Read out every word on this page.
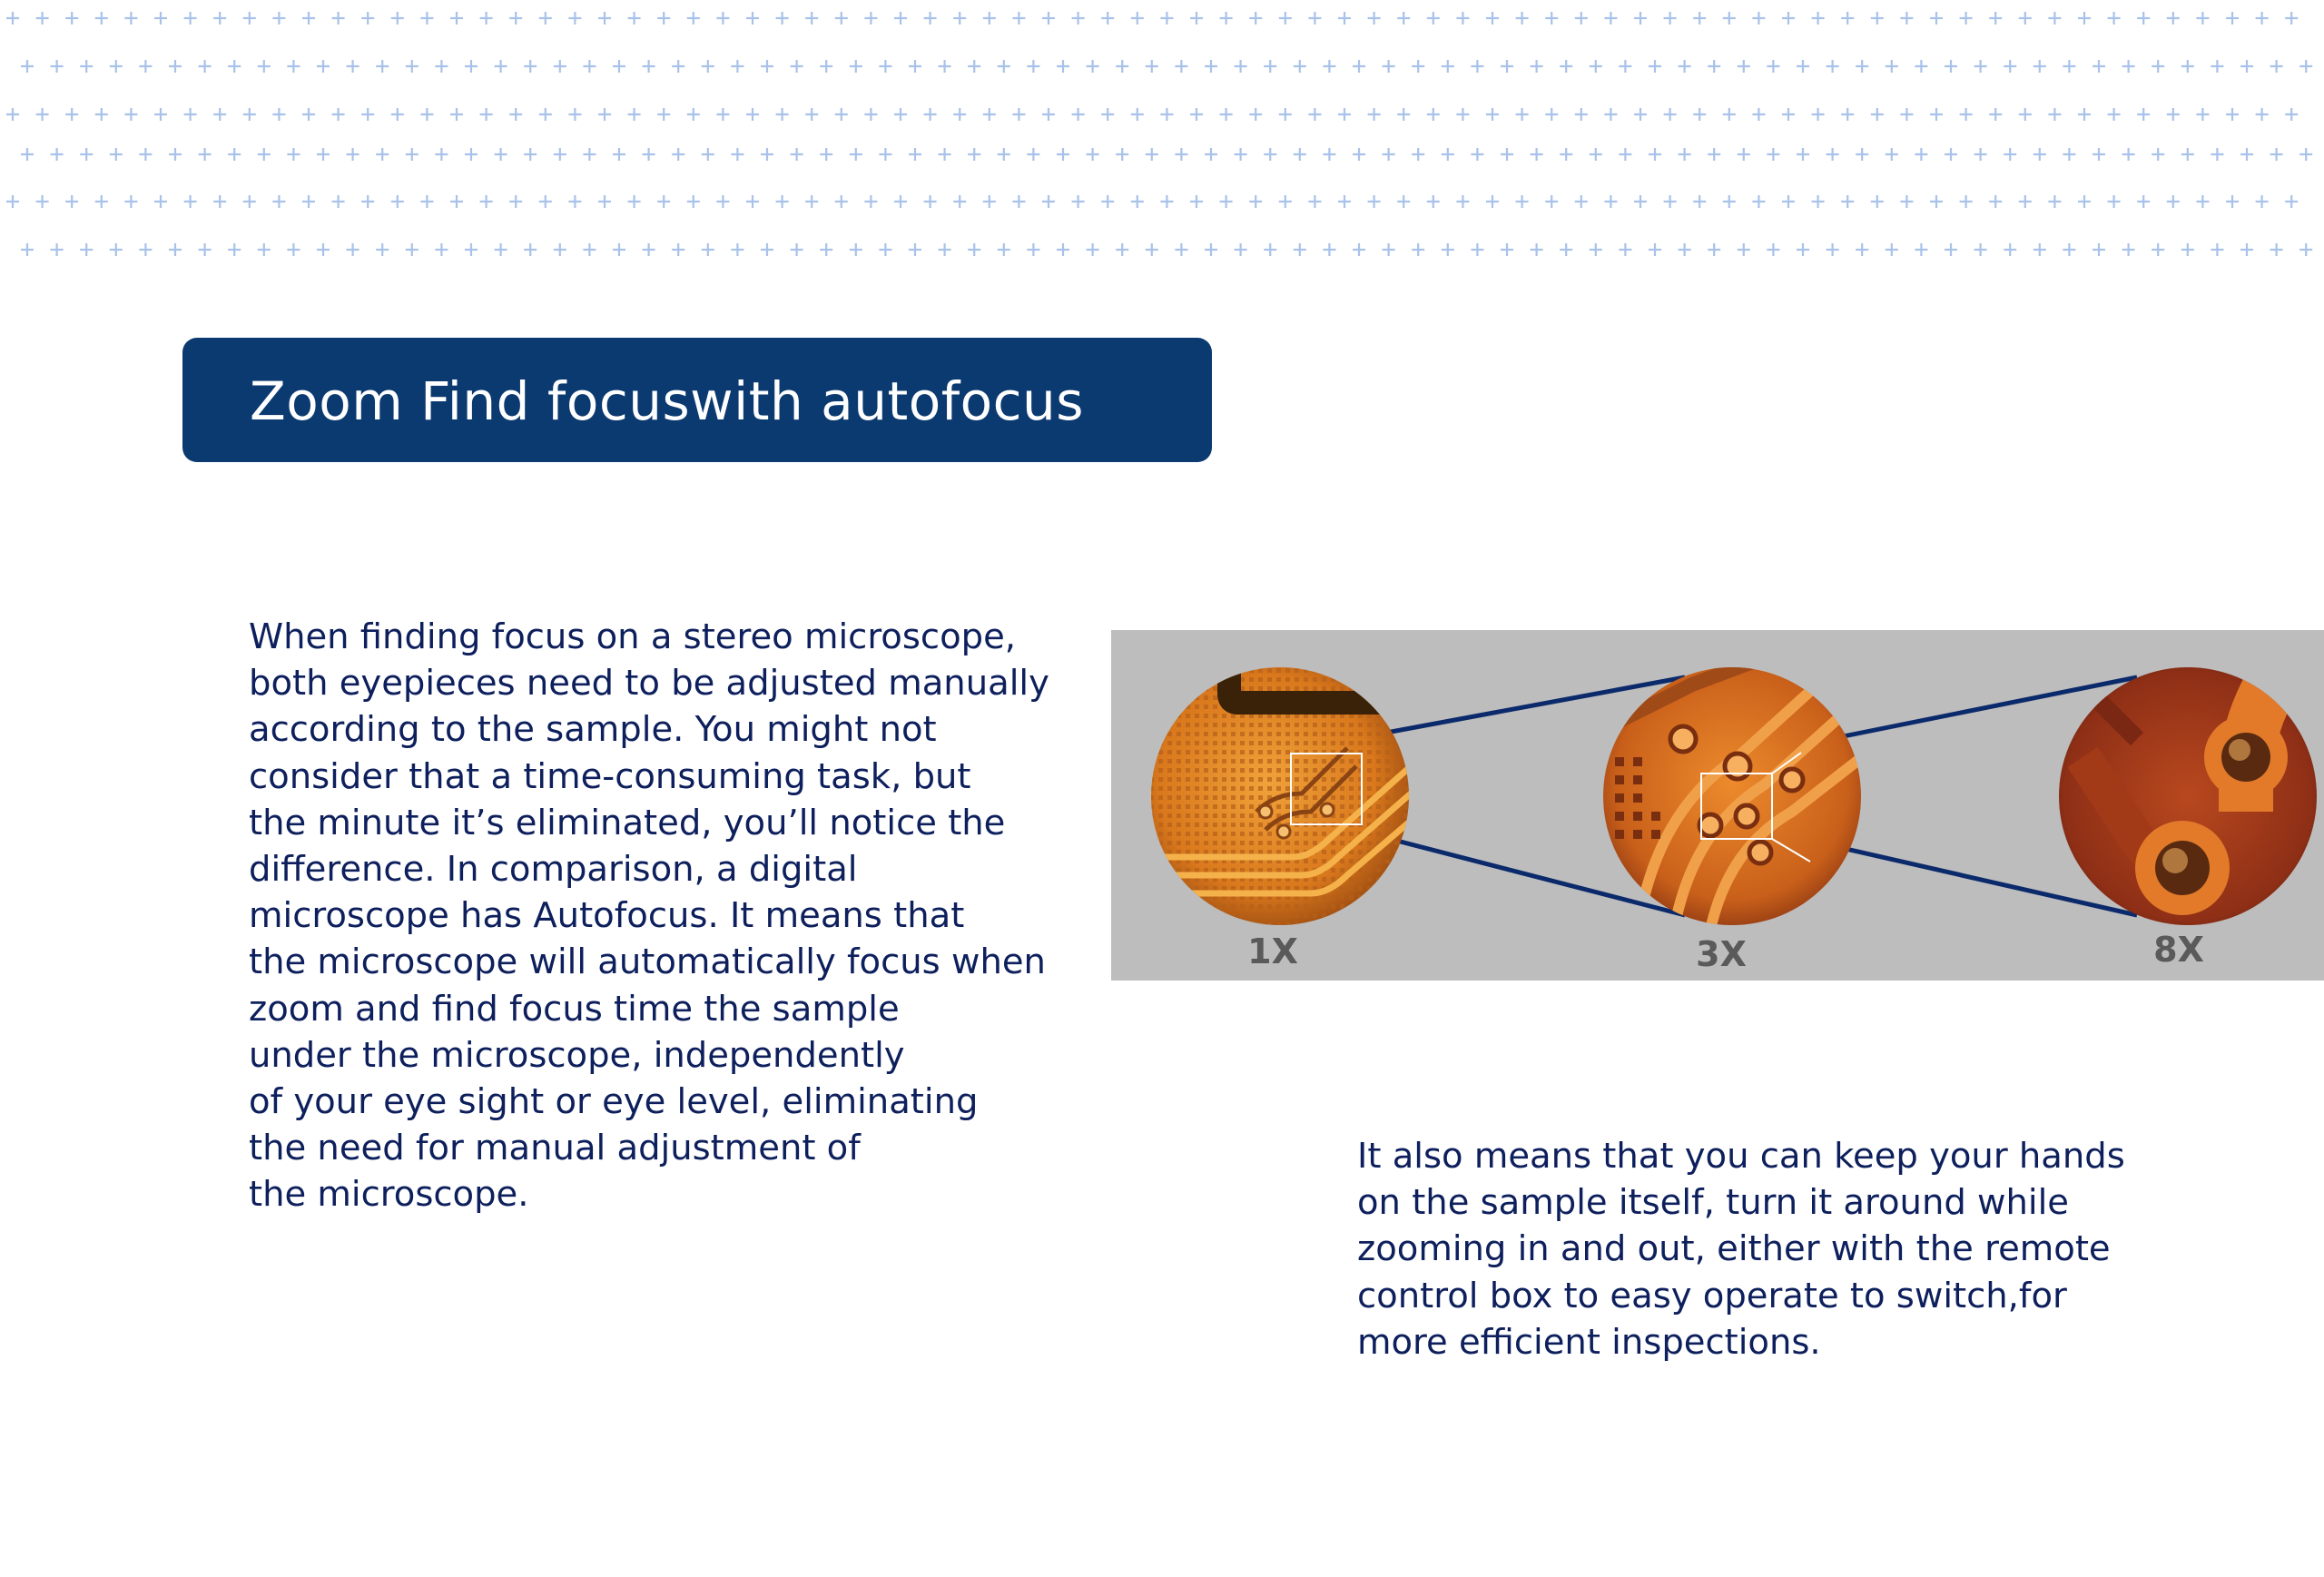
Zoom Find focuswith autofocus

When finding focus on a stereo microscope,
both eyepieces need to be adjusted manually
according to the sample. You might not
consider that a time-consuming task, but
the minute it’s eliminated, you’ll notice the
difference. In comparison, a digital
microscope has Autofocus. It means that
the microscope will automatically focus when
zoom and find focus time the sample
under the microscope, independently
of your eye sight or eye level, eliminating
the need for manual adjustment of
the microscope.

1X	3X	8X

It also means that you can keep your hands
on the sample itself, turn it around while
zooming in and out, either with the remote
control box to easy operate to switch,for
more efficient inspections.
